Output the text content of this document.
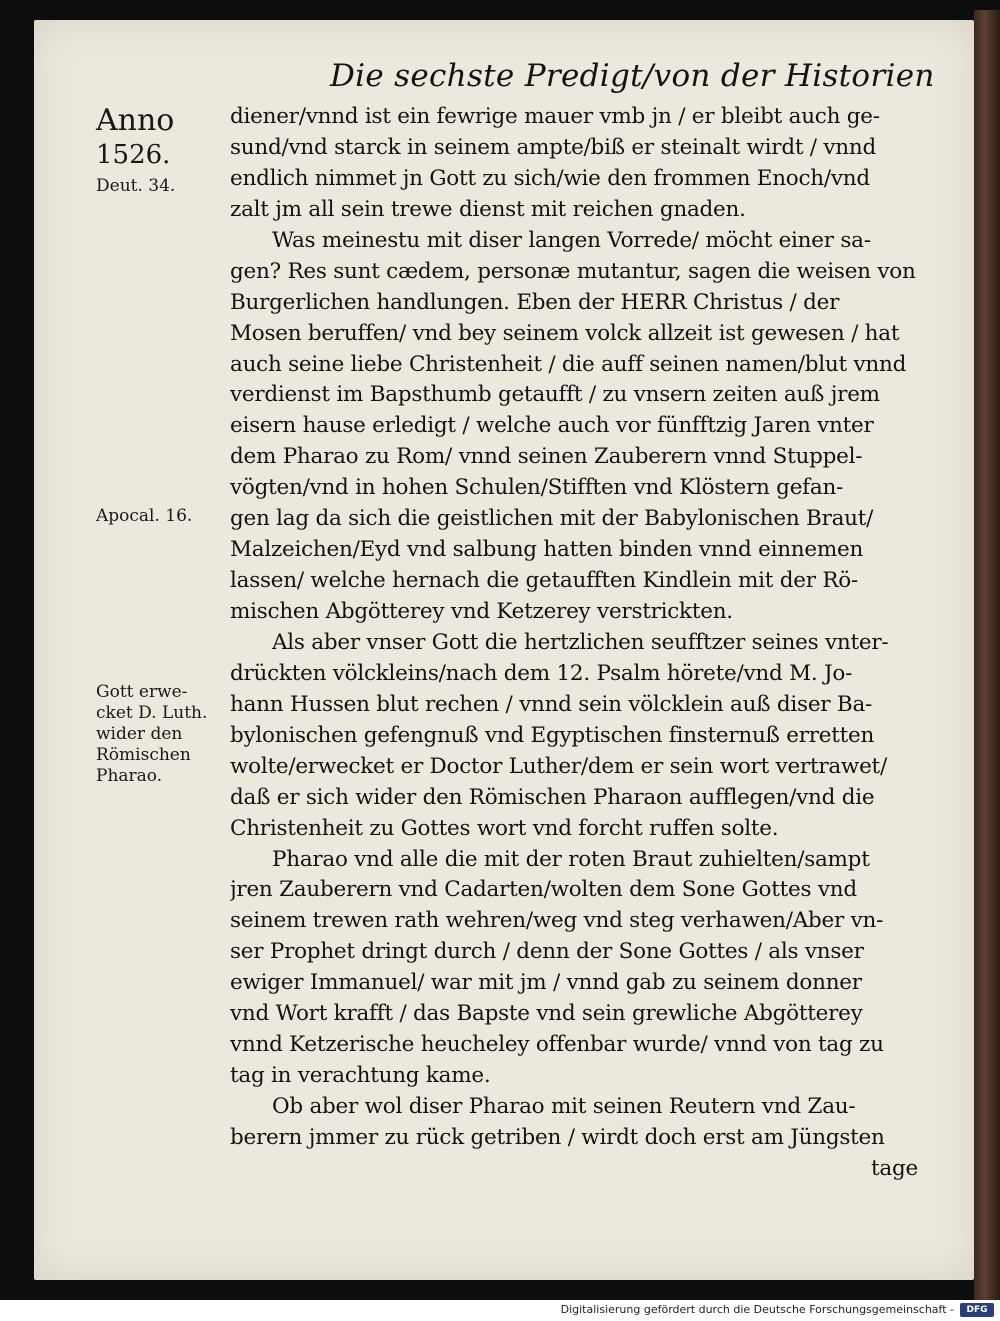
Die sechste Predigt/von der Historien
Anno
1526.
Deut. 34.
Apocal. 16.
Gott erwe-
cket D. Luth.
wider den
Römischen
Pharao.
diener/vnnd ist ein fewrige mauer vmb jn / er bleibt auch ge-
sund/vnd starck in seinem ampte/biß er steinalt wirdt / vnnd
endlich nimmet jn Gott zu sich/wie den frommen Enoch/vnd
zalt jm all sein trewe dienst mit reichen gnaden.
Was meinestu mit diser langen Vorrede/ möcht einer sa-
gen? Res sunt cædem, personæ mutantur, sagen die weisen von
Burgerlichen handlungen. Eben der HERR Christus / der
Mosen beruffen/ vnd bey seinem volck allzeit ist gewesen / hat
auch seine liebe Christenheit / die auff seinen namen/blut vnnd
verdienst im Bapsthumb getaufft / zu vnsern zeiten auß jrem
eisern hause erledigt / welche auch vor fünfftzig Jaren vnter
dem Pharao zu Rom/ vnnd seinen Zauberern vnnd Stuppel-
vögten/vnd in hohen Schulen/Stifften vnd Klöstern gefan-
gen lag da sich die geistlichen mit der Babylonischen Braut/
Malzeichen/Eyd vnd salbung hatten binden vnnd einnemen
lassen/ welche hernach die getaufften Kindlein mit der Rö-
mischen Abgötterey vnd Ketzerey verstrickten.
Als aber vnser Gott die hertzlichen seufftzer seines vnter-
drückten völckleins/nach dem 12. Psalm hörete/vnd M. Jo-
hann Hussen blut rechen / vnnd sein völcklein auß diser Ba-
bylonischen gefengnuß vnd Egyptischen finsternuß erretten
wolte/erwecket er Doctor Luther/dem er sein wort vertrawet/
daß er sich wider den Römischen Pharaon aufflegen/vnd die
Christenheit zu Gottes wort vnd forcht ruffen solte.
Pharao vnd alle die mit der roten Braut zuhielten/sampt
jren Zauberern vnd Cadarten/wolten dem Sone Gottes vnd
seinem trewen rath wehren/weg vnd steg verhawen/Aber vn-
ser Prophet dringt durch / denn der Sone Gottes / als vnser
ewiger Immanuel/ war mit jm / vnnd gab zu seinem donner
vnd Wort krafft / das Bapste vnd sein grewliche Abgötterey
vnnd Ketzerische heucheley offenbar wurde/ vnnd von tag zu
tag in verachtung kame.
Ob aber wol diser Pharao mit seinen Reutern vnd Zau-
berern jmmer zu rück getriben / wirdt doch erst am Jüngsten
tage
Digitalisierung gefördert durch die Deutsche Forschungsgemeinschaft -	DFG
